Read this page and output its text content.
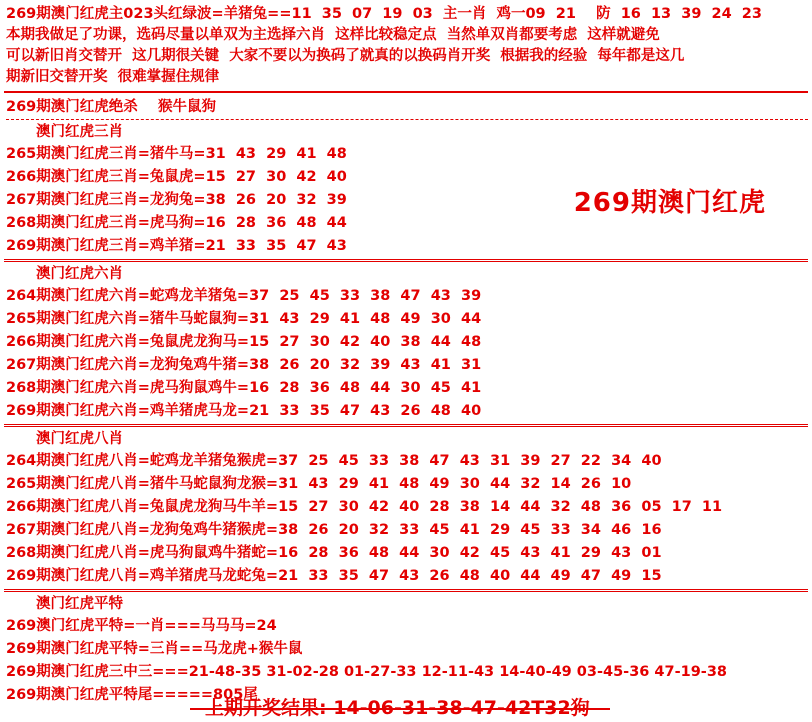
269期澳门红虎主023头红绿波=羊猪兔==11  35  07  19  03  主一肖  鸡一09  21    防  16  13  39  24  23
本期我做足了功课，选码尽量以单双为主选择六肖  这样比较稳定点  当然单双肖都要考虑  这样就避免
可以新旧肖交替开  这几期很关键  大家不要以为换码了就真的以换码肖开奖  根据我的经验  每年都是这几
期新旧交替开奖  很难掌握住规律
269期澳门红虎绝杀    猴牛鼠狗
澳门红虎三肖
265期澳门红虎三肖=猪牛马=31  43  29  41  48
266期澳门红虎三肖=兔鼠虎=15  27  30  42  40
267期澳门红虎三肖=龙狗兔=38  26  20  32  39
268期澳门红虎三肖=虎马狗=16  28  36  48  44
269期澳门红虎三肖=鸡羊猪=21  33  35  47  43
澳门红虎六肖
264期澳门红虎六肖=蛇鸡龙羊猪兔=37  25  45  33  38  47  43  39
265期澳门红虎六肖=猪牛马蛇鼠狗=31  43  29  41  48  49  30  44
266期澳门红虎六肖=兔鼠虎龙狗马=15  27  30  42  40  38  44  48
267期澳门红虎六肖=龙狗兔鸡牛猪=38  26  20  32  39  43  41  31
268期澳门红虎六肖=虎马狗鼠鸡牛=16  28  36  48  44  30  45  41
269期澳门红虎六肖=鸡羊猪虎马龙=21  33  35  47  43  26  48  40
澳门红虎八肖
264期澳门红虎八肖=蛇鸡龙羊猪兔猴虎=37  25  45  33  38  47  43  31  39  27  22  34  40
265期澳门红虎八肖=猪牛马蛇鼠狗龙猴=31  43  29  41  48  49  30  44  32  14  26  10
266期澳门红虎八肖=兔鼠虎龙狗马牛羊=15  27  30  42  40  28  38  14  44  32  48  36  05  17  11
267期澳门红虎八肖=龙狗兔鸡牛猪猴虎=38  26  20  32  33  45  41  29  45  33  34  46  16
268期澳门红虎八肖=虎马狗鼠鸡牛猪蛇=16  28  36  48  44  30  42  45  43  41  29  43  01
269期澳门红虎八肖=鸡羊猪虎马龙蛇兔=21  33  35  47  43  26  48  40  44  49  47  49  15
澳门红虎平特
269澳门红虎平特=一肖===马马马=24
269期澳门红虎平特=三肖==马龙虎+猴牛鼠
269期澳门红虎三中三===21-48-35 31-02-28 01-27-33 12-11-43 14-40-49 03-45-36 47-19-38
269期澳门红虎平特尾=====805尾
269期澳门红虎
上期开奖结果: 14-06-31-38-47-42T32狗
